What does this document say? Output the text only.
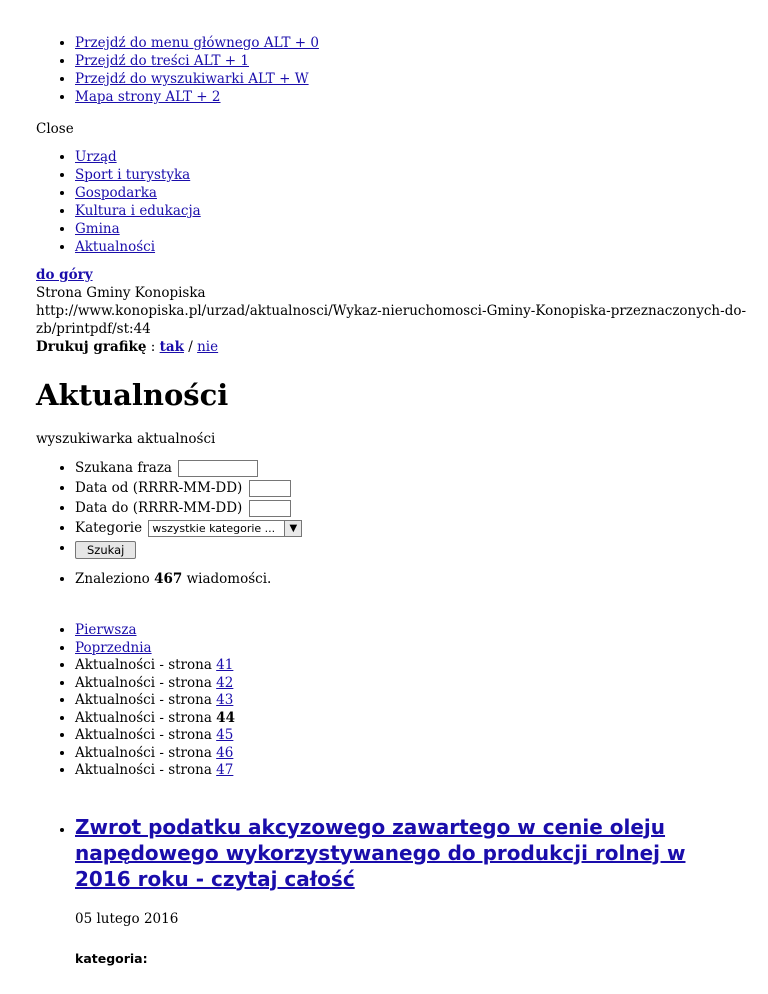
• Przejdź do menu głównego ALT + 0
• Przejdź do treści ALT + 1
• Przejdź do wyszukiwarki ALT + W
• Mapa strony ALT + 2
Close
• Urząd
• Sport i turystyka
• Gospodarka
• Kultura i edukacja
• Gmina
• Aktualności
do góry
Strona Gminy Konopiska
http://www.konopiska.pl/urzad/aktualnosci/Wykaz-nieruchomosci-Gminy-Konopiska-przeznaczonych-do-zb/printpdf/st:44
Drukuj grafikę : tak / nie
Aktualności
wyszukiwarka aktualności
• Szukana fraza
• Data od (RRRR-MM-DD)
• Data do (RRRR-MM-DD)
• Kategorie wszystkie kategorie ...	▼
• Szukaj
• Znaleziono 467 wiadomości.
• Pierwsza
• Poprzednia
• Aktualności - strona 41
• Aktualności - strona 42
• Aktualności - strona 43
• Aktualności - strona 44
• Aktualności - strona 45
• Aktualności - strona 46
• Aktualności - strona 47
• Zwrot podatku akcyzowego zawartego w cenie oleju napędowego wykorzystywanego do produkcji rolnej w 2016 roku - czytaj całość
05 lutego 2016
kategoria:
